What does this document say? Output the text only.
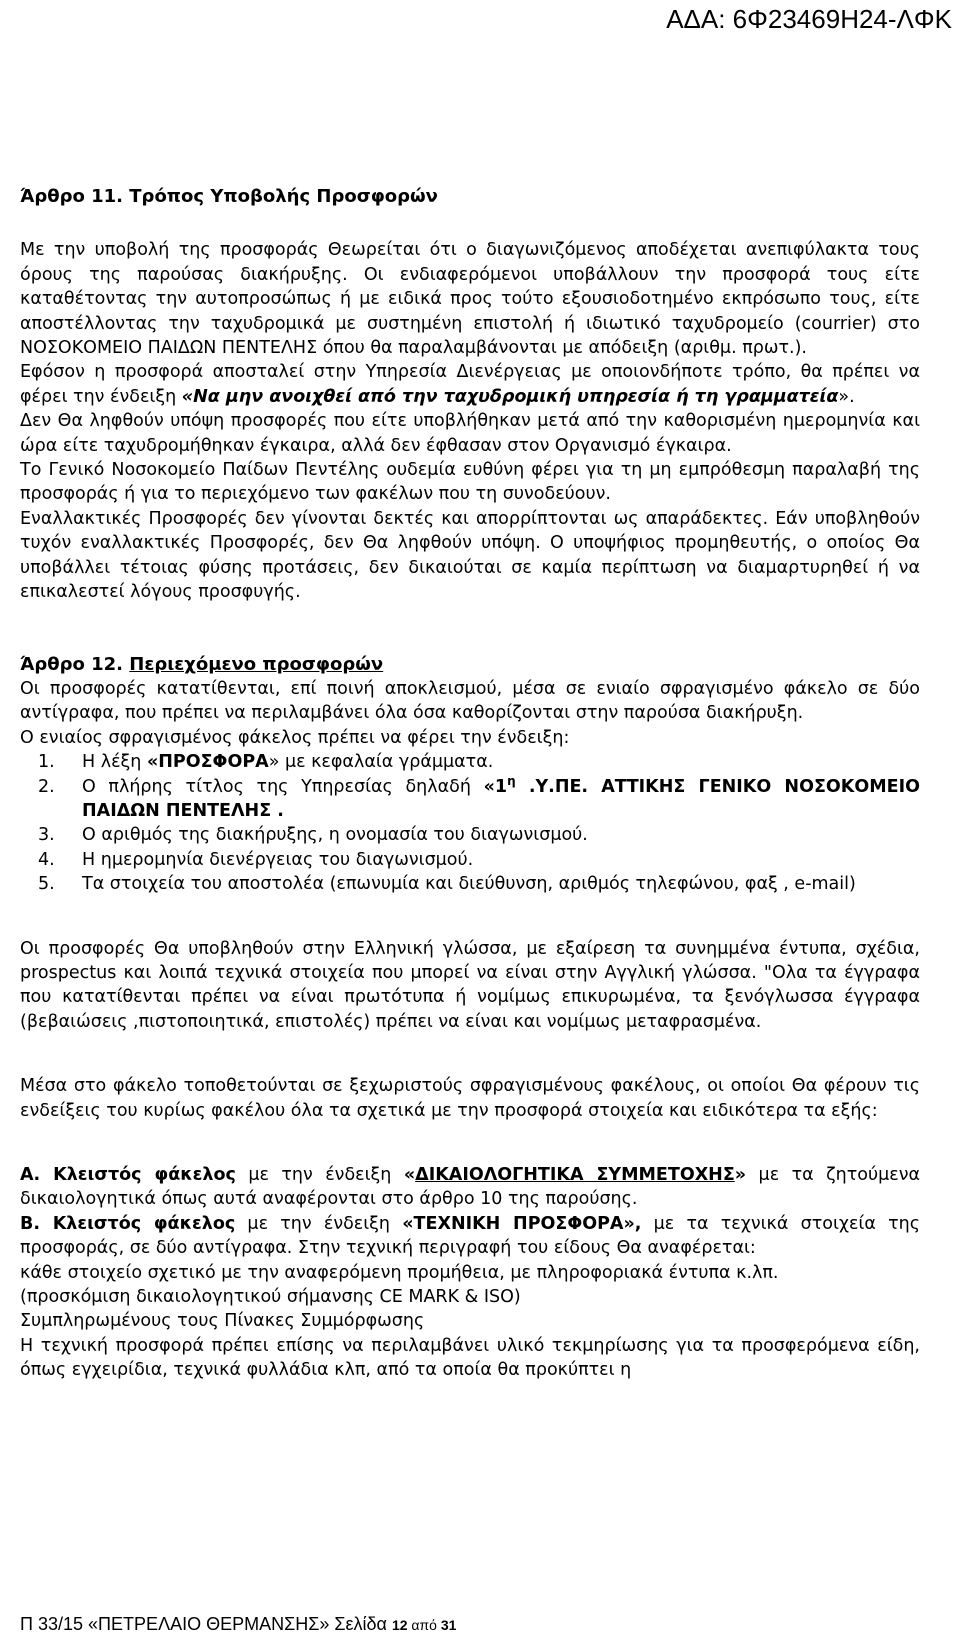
ΑΔΑ: 6Φ23469Η24-ΛΦΚ

Άρθρο 11. Τρόπος Υποβολής Προσφορών

Με την υποβολή της προσφοράς Θεωρείται ότι ο διαγωνιζόμενος αποδέχεται ανεπιφύλακτα τους όρους της παρούσας διακήρυξης. Οι ενδιαφερόμενοι υποβάλλουν την προσφορά τους είτε καταθέτοντας την αυτοπροσώπως ή με ειδικά προς τούτο εξουσιοδοτημένο εκπρόσωπο τους, είτε αποστέλλοντας την ταχυδρομικά με συστημένη επιστολή ή ιδιωτικό ταχυδρομείο (courrier) στο ΝΟΣΟΚΟΜΕΙΟ ΠΑΙΔΩΝ ΠΕΝΤΕΛΗΣ όπου θα παραλαμβάνονται με απόδειξη (αριθμ. πρωτ.).

Εφόσον η προσφορά αποσταλεί στην Υπηρεσία Διενέργειας με οποιονδήποτε τρόπο, θα πρέπει να φέρει την ένδειξη «Να μην ανοιχθεί από την ταχυδρομική υπηρεσία ή τη γραμματεία».

Δεν Θα ληφθούν υπόψη προσφορές που είτε υποβλήθηκαν μετά από την καθορισμένη ημερομηνία και ώρα είτε ταχυδρομήθηκαν έγκαιρα, αλλά δεν έφθασαν στον Οργανισμό έγκαιρα.

Το Γενικό Νοσοκομείο Παίδων Πεντέλης ουδεμία ευθύνη φέρει για τη μη εμπρόθεσμη παραλαβή της προσφοράς ή για το περιεχόμενο των φακέλων που τη συνοδεύουν.

Εναλλακτικές Προσφορές δεν γίνονται δεκτές και απορρίπτονται ως απαράδεκτες. Εάν υποβληθούν τυχόν εναλλακτικές Προσφορές, δεν Θα ληφθούν υπόψη. Ο υποψήφιος προμηθευτής, ο οποίος Θα υποβάλλει τέτοιας φύσης προτάσεις, δεν δικαιούται σε καμία περίπτωση να διαμαρτυρηθεί ή να επικαλεστεί λόγους προσφυγής.

Άρθρο 12. Περιεχόμενο προσφορών

Οι προσφορές κατατίθενται, επί ποινή αποκλεισμού, μέσα σε ενιαίο σφραγισμένο φάκελο σε δύο αντίγραφα, που πρέπει να περιλαμβάνει όλα όσα καθορίζονται στην παρούσα διακήρυξη.

Ο ενιαίος σφραγισμένος φάκελος πρέπει να φέρει την ένδειξη:

1. Η λέξη «ΠΡΟΣΦΟΡΑ» με κεφαλαία γράμματα.
2. Ο πλήρης τίτλος της Υπηρεσίας δηλαδή «$1^\eta$ .Υ.ΠΕ. ΑΤΤΙΚΗΣ ΓΕΝΙΚΟ ΝΟΣΟΚΟΜΕΙΟ ΠΑΙΔΩΝ ΠΕΝΤΕΛΗΣ .
3. Ο αριθμός της διακήρυξης, η ονομασία του διαγωνισμού.
4. Η ημερομηνία διενέργειας του διαγωνισμού.
5. Τα στοιχεία του αποστολέα (επωνυμία και διεύθυνση, αριθμός τηλεφώνου, φαξ , e-mail)

Οι προσφορές Θα υποβληθούν στην Ελληνική γλώσσα, με εξαίρεση τα συνημμένα έντυπα, σχέδια, prospectus και λοιπά τεχνικά στοιχεία που μπορεί να είναι στην Αγγλική γλώσσα. "Ολα τα έγγραφα που κατατίθενται πρέπει να είναι πρωτότυπα ή νομίμως επικυρωμένα, τα ξενόγλωσσα έγγραφα (βεβαιώσεις ,πιστοποιητικά, επιστολές) πρέπει να είναι και νομίμως μεταφρασμένα.

Μέσα στο φάκελο τοποθετούνται σε ξεχωριστούς σφραγισμένους φακέλους, οι οποίοι Θα φέρουν τις ενδείξεις του κυρίως φακέλου όλα τα σχετικά με την προσφορά στοιχεία και ειδικότερα τα εξής:

Α. Κλειστός φάκελος με την ένδειξη «ΔΙΚΑΙΟΛΟΓΗΤΙΚΑ ΣΥΜΜΕΤΟΧΗΣ» με τα ζητούμενα δικαιολογητικά όπως αυτά αναφέρονται στο άρθρο 10 της παρούσης.

Β. Κλειστός φάκελος με την ένδειξη «ΤΕΧΝΙΚΗ ΠΡΟΣΦΟΡΑ», με τα τεχνικά στοιχεία της προσφοράς, σε δύο αντίγραφα. Στην τεχνική περιγραφή του είδους Θα αναφέρεται:

κάθε στοιχείο σχετικό με την αναφερόμενη προμήθεια, με πληροφοριακά έντυπα κ.λπ.

(προσκόμιση δικαιολογητικού σήμανσης CE MARK & ISO)

Συμπληρωμένους τους Πίνακες Συμμόρφωσης

Η τεχνική προσφορά πρέπει επίσης να περιλαμβάνει υλικό τεκμηρίωσης για τα προσφερόμενα είδη, όπως εγχειρίδια, τεχνικά φυλλάδια κλπ, από τα οποία θα προκύπτει η

Π 33/15 «ΠΕΤΡΕΛΑΙΟ ΘΕΡΜΑΝΣΗΣ» Σελίδα 12 από 31
